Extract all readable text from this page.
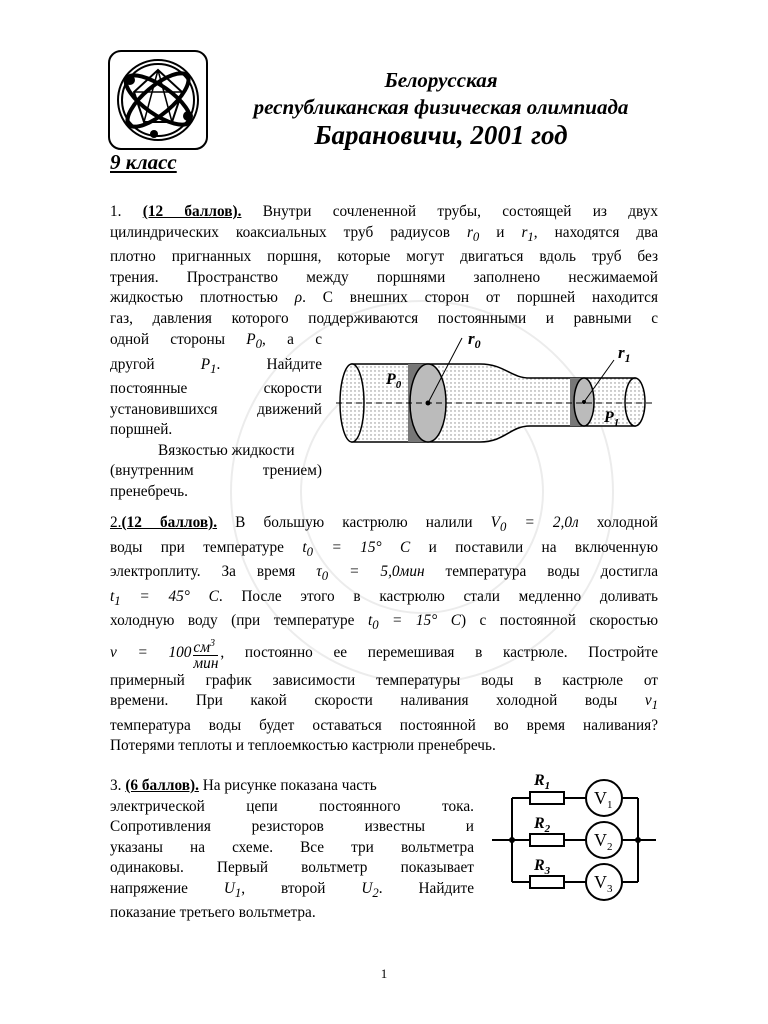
Белорусская
республиканская физическая олимпиада
Барановичи, 2001 год
9 класс
1. (12 баллов). Внутри сочлененной трубы, состоящей из двух
цилиндрических коаксиальных труб радиусов $r_0$ и $r_1$, находятся два
плотно пригнанных поршня, которые могут двигаться вдоль труб без
трения. Пространство между поршнями заполнено несжимаемой
жидкостью плотностью ρ. С внешних сторон от поршней находится
газ, давления которого поддерживаются постоянными и равными с
одной стороны $P_0$, а с
другой	$P_1$. Найдите
постоянные скорости
установившихся движений
поршней.
Вязкостью жидкости
(внутренним трением)
пренебречь.
$r_0$	$r_1$
$P_0$
$P_1$
2.(12 баллов). В большую кастрюлю налили $V_0 = 2,0л$ холодной
воды при температуре $t_0 = 15^\circ$ C и поставили на включенную
электроплиту. За время $\tau_0 = 5,0мин$ температура воды достигла
$t_1 = 45^\circ$ C. После этого в кастрюлю стали медленно доливать
холодную воду (при температуре $t_0 = 15^\circ$ C) с постоянной скоростью
ν = 100 $см^3$
мин
, постоянно ее перемешивая в кастрюле. Постройте
примерный график зависимости температуры воды в кастрюле от
времени. При какой скорости наливания холодной воды $\nu_1$
температура воды будет оставаться постоянной во время наливания?
Потерями теплоты и теплоемкостью кастрюли пренебречь.
3. (6 баллов). На рисунке показана часть
электрической цепи постоянного тока.
Сопротивления резисторов известны и
указаны на схеме. Все три вольтметра
одинаковы. Первый вольтметр показывает
напряжение $U_1$, второй $U_2$. Найдите
показание третьего вольтметра.
$R_1$
$R_2$
$R_3$
$V_1$
$V_2$
$V_3$
1
